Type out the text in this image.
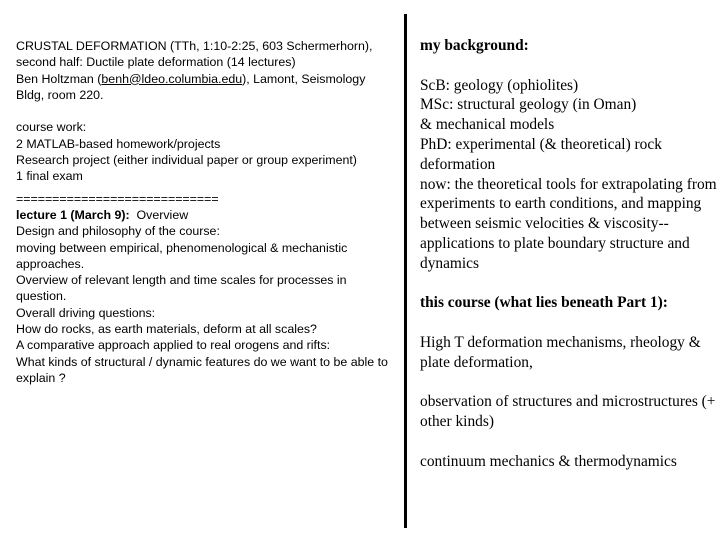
CRUSTAL DEFORMATION (TTh, 1:10-2:25, 603 Schermerhorn), second half: Ductile plate deformation (14 lectures)

Ben Holtzman (benh@ldeo.columbia.edu), Lamont, Seismology Bldg, room 220.

course work:

2 MATLAB-based homework/projects

Research project (either individual paper or group experiment)

1 final exam

============================

lecture 1 (March 9): Overview

Design and philosophy of the course:

moving between empirical, phenomenological & mechanistic approaches.

Overview of relevant length and time scales for processes in question.

Overall driving questions:

How do rocks, as earth materials, deform at all scales?

A comparative approach applied to real orogens and rifts:

What kinds of structural / dynamic features do we want to be able to explain ?

my background:

ScB: geology (ophiolites)

MSc: structural geology (in Oman)

& mechanical models

PhD: experimental (& theoretical) rock deformation

now: the theoretical tools for extrapolating from experiments to earth conditions, and mapping between seismic velocities & viscosity--

applications to plate boundary structure and dynamics

this course (what lies beneath Part 1):

High T deformation mechanisms, rheology & plate deformation,

observation of structures and microstructures (+ other kinds)

continuum mechanics & thermodynamics
